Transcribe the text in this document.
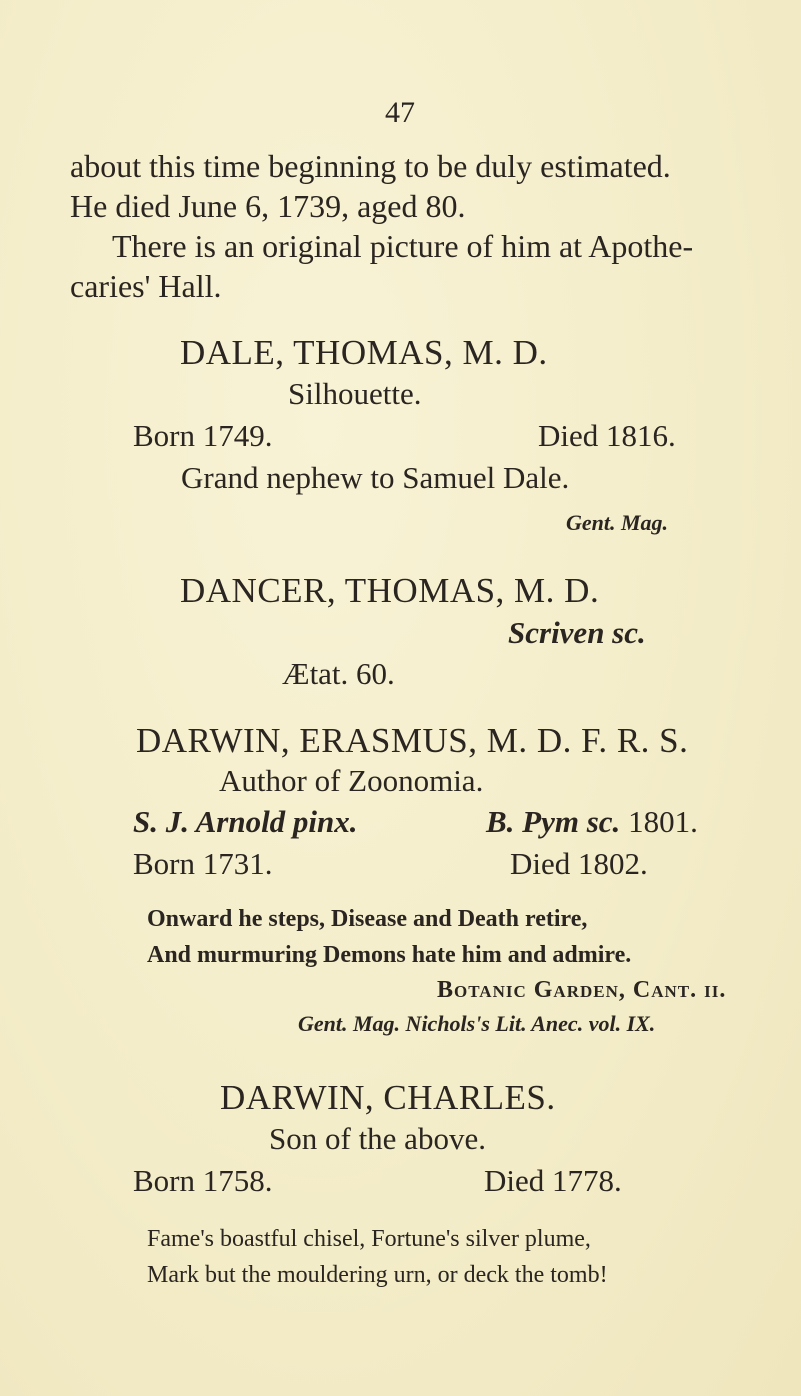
47
about this time beginning to be duly estimated.
He died June 6, 1739, aged 80.
There is an original picture of him at Apothe-
caries' Hall.
DALE, THOMAS, M. D.
Silhouette.
Born 1749.	Died 1816.
Grand nephew to Samuel Dale.
Gent. Mag.
DANCER, THOMAS, M. D.
Scriven sc.
Ætat. 60.
DARWIN, ERASMUS, M. D. F. R. S.
Author of Zoonomia.
S. J. Arnold pinx.	B. Pym sc. 1801.
Born 1731.	Died 1802.
Onward he steps, Disease and Death retire,
And murmuring Demons hate him and admire.
Botanic Garden, Cant. ii.
Gent. Mag. Nichols's Lit. Anec. vol. IX.
DARWIN, CHARLES.
Son of the above.
Born 1758.	Died 1778.
Fame's boastful chisel, Fortune's silver plume,
Mark but the mouldering urn, or deck the tomb!
